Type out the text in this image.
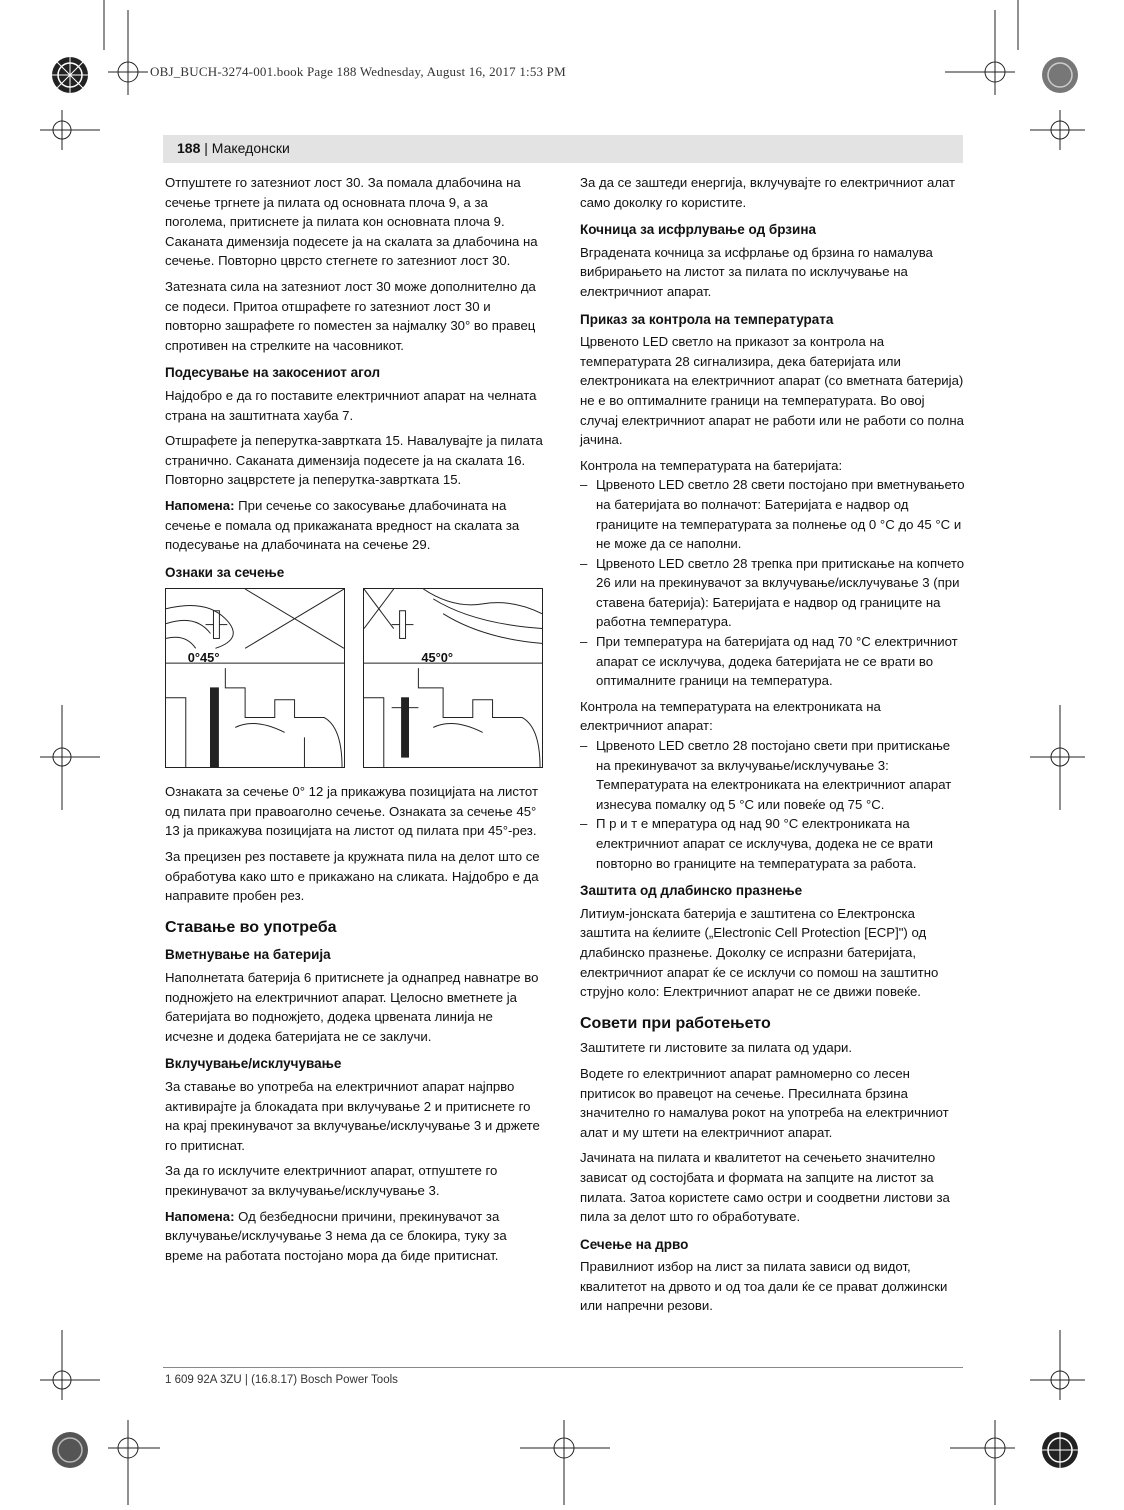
OBJ_BUCH-3274-001.book Page 188 Wednesday, August 16, 2017 1:53 PM
188 | Македонски

Отпуштете го затезниот лост 30. За помала длабочина на сечење тргнете ја пилата од основната плоча 9, а за поголема, притиснете ја пилата кон основната плоча 9. Саканата димензија подесете ја на скалата за длабочина на сечење. Повторно цврсто стегнете го затезниот лост 30.

Затезната сила на затезниот лост 30 може дополнително да се подеси. Притоа отшрафете го затезниот лост 30 и повторно зашрафете го поместен за најмалку 30° во правец спротивен на стрелките на часовникот.

Подесување на закосениот агол

Најдобро е да го поставите електричниот апарат на челната страна на заштитната хауба 7.

Отшрафете ја пеперутка-завртката 15. Навалувајте ја пилата странично. Саканата димензија подесете ја на скалата 16. Повторно зацврстете ја пеперутка-завртката 15.

Напомена: При сечење со закосување длабочината на сечење е помала од прикажаната вредност на скалата за подесување на длабочината на сечење 29.

Ознаки за сечење
0°45°	45°0°

Ознаката за сечење 0° 12 ја прикажува позицијата на листот од пилата при правоаголно сечење. Ознаката за сечење 45° 13 ја прикажува позицијата на листот од пилата при 45°-рез.

За прецизен рез поставете ја кружната пила на делот што се обработува како што е прикажано на сликата. Најдобро е да направите пробен рез.

Ставање во употреба
Вметнување на батерија

Наполнетата батерија 6 притиснете ја однапред навнатре во подножјето на електричниот апарат. Целосно вметнете ја батеријата во подножјето, додека црвената линија не исчезне и додека батеријата не се заклучи.

Вклучување/исклучување

За ставање во употреба на електричниот апарат најпрво активирајте ја блокадата при вклучување 2 и притиснете го на крај прекинувачот за вклучување/исклучување 3 и држете го притиснат.

За да го исклучите електричниот апарат, отпуштете го прекинувачот за вклучување/исклучување 3.

Напомена: Од безбедносни причини, прекинувачот за вклучување/исклучување 3 нема да се блокира, туку за време на работата постојано мора да биде притиснат.

За да се заштеди енергија, вклучувајте го електричниот алат само доколку го користите.

Кочница за исфрлување од брзина

Вградената кочница за исфрлање од брзина го намалува вибрирањето на листот за пилата по исклучување на електричниот апарат.

Приказ за контрола на температурата

Црвеното LED светло на приказот за контрола на температурата 28 сигнализира, дека батеријата или електрониката на електричниот апарат (со вметната батерија) не е во оптималните граници на температурата. Во овој случај електричниот апарат не работи или не работи со полна јачина.

Контрола на температурата на батеријата:

– Црвеното LED светло 28 свети постојано при вметнувањето на батеријата во полначот: Батеријата е надвор од границите на температурата за полнење од 0 °C до 45 °C и не може да се наполни.
– Црвеното LED светло 28 трепка при притискање на копчето 26 или на прекинувачот за вклучување/исклучување 3 (при ставена батерија): Батеријата е надвор од границите на работна температура.
– При температура на батеријата од над 70 °C електричниот апарат се исклучува, додека батеријата не се врати во оптималните граници на температура.

Контрола на температурата на електрониката на електричниот апарат:

– Црвеното LED светло 28 постојано свети при притискање на прекинувачот за вклучување/исклучување 3: Температурата на електрониката на електричниот апарат изнесува помалку од 5 °C или повеќе од 75 °C.
– П р и т е мпература од над 90 °C електрониката на електричниот апарат се исклучува, додека не се врати повторно во границите на температурата за работа.
Заштита од длабинско празнење

Литиум-јонската батерија е заштитена со Електронска заштита на ќелиите („Electronic Cell Protection [ECP]") од длабинско празнење. Доколку се испразни батеријата, електричниот апарат ќе се исклучи со помош на заштитно струјно коло: Електричниот апарат не се движи повеќе.

Совети при работењето

Заштитете ги листовите за пилата од удари.

Водете го електричниот апарат рамномерно со лесен притисок во правецот на сечење. Пресилната брзина значително го намалува рокот на употреба на електричниот алат и му штети на електричниот апарат.

Јачината на пилата и квалитетот на сечењето значително зависат од состојбата и формата на запците на листот за пилата. Затоа користете само остри и соодветни листови за пила за делот што го обработувате.

Сечење на дрво

Правилниот избор на лист за пилата зависи од видот, квалитетот на дрвото и од тоа дали ќе се прават должински или напречни резови.

1 609 92A 3ZU | (16.8.17) Bosch Power Tools
